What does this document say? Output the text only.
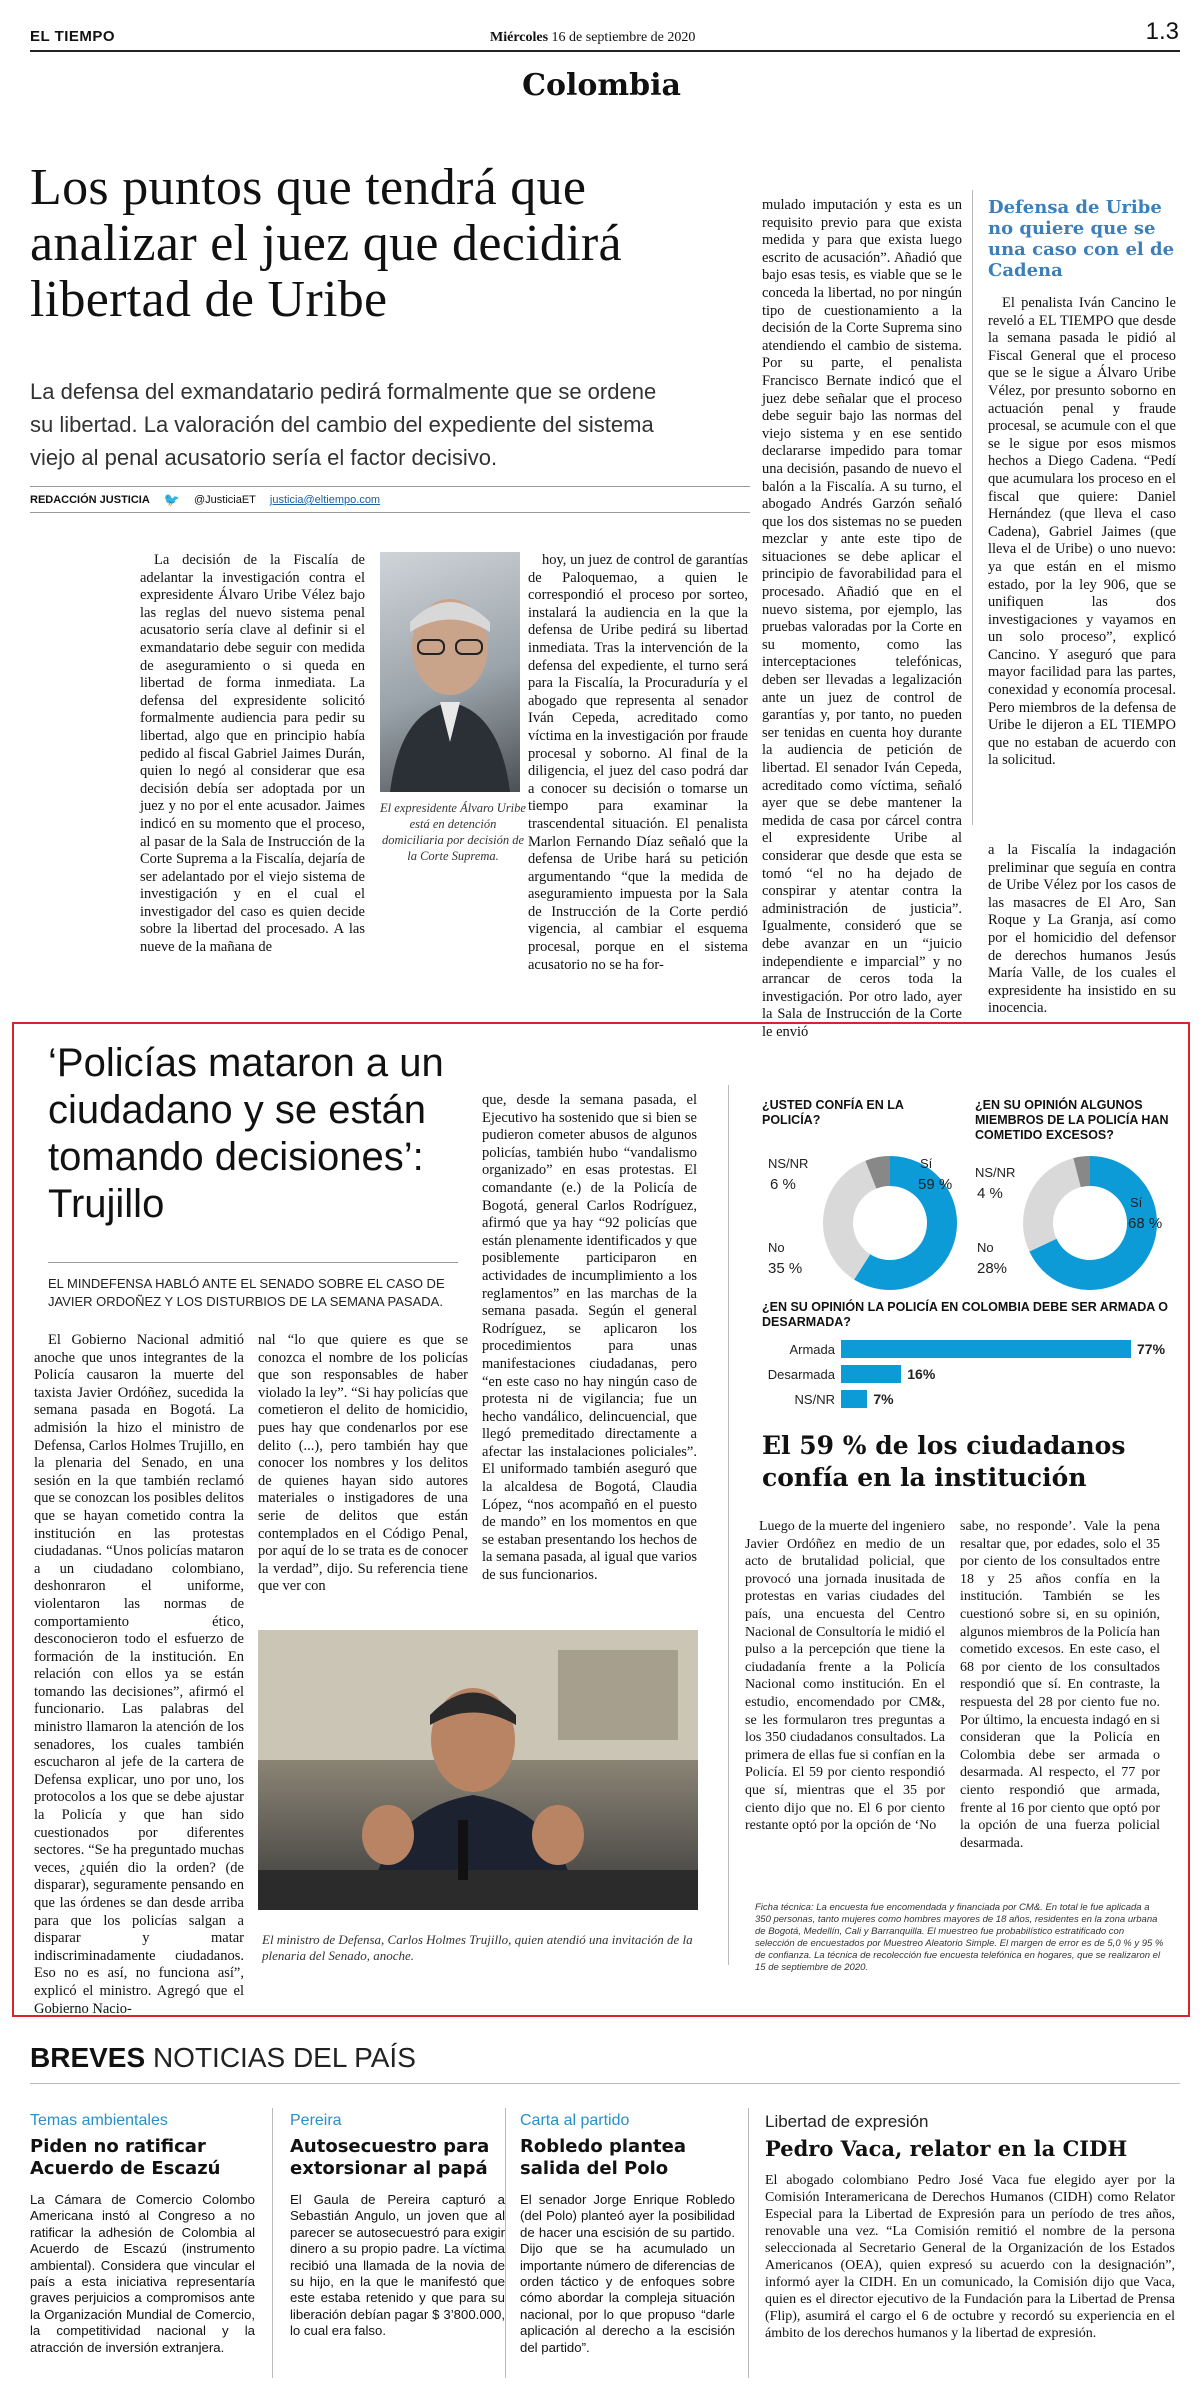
EL TIEMPO	Miércoles 16 de septiembre de 2020	1.3
Colombia
Los puntos que tendrá que analizar el juez que decidirá libertad de Uribe
La defensa del exmandatario pedirá formalmente que se ordene su libertad. La valoración del cambio del expediente del sistema viejo al penal acusatorio sería el factor decisivo.
REDACCIÓN JUSTICIA 🐦 @JusticiaET justicia@eltiempo.com

La decisión de la Fiscalía de adelantar la investigación contra el expresidente Álvaro Uribe Vélez bajo las reglas del nuevo sistema penal acusatorio sería clave al definir si el exmandatario debe seguir con medida de aseguramiento o si queda en libertad de forma inmediata. La defensa del expresidente solicitó formalmente audiencia para pedir su libertad, algo que en principio había pedido al fiscal Gabriel Jaimes Durán, quien lo negó al considerar que esa decisión debía ser adoptada por un juez y no por el ente acusador. Jaimes indicó en su momento que el proceso, al pasar de la Sala de Instrucción de la Corte Suprema a la Fiscalía, dejaría de ser adelantado por el viejo sistema de investigación y en el cual el investigador del caso es quien decide sobre la libertad del procesado. A las nueve de la mañana de

El expresidente Álvaro Uribe está en detención domiciliaria por decisión de la Corte Suprema.

hoy, un juez de control de garantías de Paloquemao, a quien le correspondió el proceso por sorteo, instalará la audiencia en la que la defensa de Uribe pedirá su libertad inmediata. Tras la intervención de la defensa del expediente, el turno será para la Fiscalía, la Procuraduría y el abogado que representa al senador Iván Cepeda, acreditado como víctima en la investigación por fraude procesal y soborno. Al final de la diligencia, el juez del caso podrá dar a conocer su decisión o tomarse un tiempo para examinar la trascendental situación. El penalista Marlon Fernando Díaz señaló que la defensa de Uribe hará su petición argumentando “que la medida de aseguramiento impuesta por la Sala de Instrucción de la Corte perdió vigencia, al cambiar el esquema procesal, porque en el sistema acusatorio no se ha for-

mulado imputación y esta es un requisito previo para que exista medida y para que exista luego escrito de acusación”. Añadió que bajo esas tesis, es viable que se le conceda la libertad, no por ningún tipo de cuestionamiento a la decisión de la Corte Suprema sino atendiendo el cambio de sistema. Por su parte, el penalista Francisco Bernate indicó que el juez debe señalar que el proceso debe seguir bajo las normas del viejo sistema y en ese sentido declararse impedido para tomar una decisión, pasando de nuevo el balón a la Fiscalía. A su turno, el abogado Andrés Garzón señaló que los dos sistemas no se pueden mezclar y ante este tipo de situaciones se debe aplicar el principio de favorabilidad para el procesado. Añadió que en el nuevo sistema, por ejemplo, las pruebas valoradas por la Corte en su momento, como las interceptaciones telefónicas, deben ser llevadas a legalización ante un juez de control de garantías y, por tanto, no pueden ser tenidas en cuenta hoy durante la audiencia de petición de libertad. El senador Iván Cepeda, acreditado como víctima, señaló ayer que se debe mantener la medida de casa por cárcel contra el expresidente Uribe al considerar que desde que esta se tomó “el no ha dejado de conspirar y atentar contra la administración de justicia”. Igualmente, consideró que se debe avanzar en un “juicio independiente e imparcial” y no arrancar de ceros toda la investigación. Por otro lado, ayer la Sala de Instrucción de la Corte le envió

Defensa de Uribe no quiere que se una caso con el de Cadena

El penalista Iván Cancino le reveló a EL TIEMPO que desde la semana pasada le pidió al Fiscal General que el proceso que se le sigue a Álvaro Uribe Vélez, por presunto soborno en actuación penal y fraude procesal, se acumule con el que se le sigue por esos mismos hechos a Diego Cadena. “Pedí que acumulara los proceso en el fiscal que quiere: Daniel Hernández (que lleva el caso Cadena), Gabriel Jaimes (que lleva el de Uribe) o uno nuevo: ya que están en el mismo estado, por la ley 906, que se unifiquen las dos investigaciones y vayamos en un solo proceso”, explicó Cancino. Y aseguró que para mayor facilidad para las partes, conexidad y economía procesal. Pero miembros de la defensa de Uribe le dijeron a EL TIEMPO que no estaban de acuerdo con la solicitud.

a la Fiscalía la indagación preliminar que seguía en contra de Uribe Vélez por los casos de las masacres de El Aro, San Roque y La Granja, así como por el homicidio del defensor de derechos humanos Jesús María Valle, de los cuales el expresidente ha insistido en su inocencia.

‘Policías mataron a un ciudadano y se están tomando decisiones’: Trujillo
EL MINDEFENSA HABLÓ ANTE EL SENADO SOBRE EL CASO DE JAVIER ORDOÑEZ Y LOS DISTURBIOS DE LA SEMANA PASADA.

El Gobierno Nacional admitió anoche que unos integrantes de la Policía causaron la muerte del taxista Javier Ordóñez, sucedida la semana pasada en Bogotá. La admisión la hizo el ministro de Defensa, Carlos Holmes Trujillo, en la plenaria del Senado, en una sesión en la que también reclamó que se conozcan los posibles delitos que se hayan cometido contra la institución en las protestas ciudadanas. “Unos policías mataron a un ciudadano colombiano, deshonraron el uniforme, violentaron las normas de comportamiento ético, desconocieron todo el esfuerzo de formación de la institución. En relación con ellos ya se están tomando las decisiones”, afirmó el funcionario. Las palabras del ministro llamaron la atención de los senadores, los cuales también escucharon al jefe de la cartera de Defensa explicar, uno por uno, los protocolos a los que se debe ajustar la Policía y que han sido cuestionados por diferentes sectores. “Se ha preguntado muchas veces, ¿quién dio la orden? (de disparar), seguramente pensando en que las órdenes se dan desde arriba para que los policías salgan a disparar y matar indiscriminadamente ciudadanos. Eso no es así, no funciona así”, explicó el ministro. Agregó que el Gobierno Nacio-

nal “lo que quiere es que se conozca el nombre de los policías que son responsables de haber violado la ley”. “Si hay policías que cometieron el delito de homicidio, pues hay que condenarlos por ese delito (...), pero también hay que conocer los nombres y los delitos de quienes hayan sido autores materiales o instigadores de una serie de delitos que están contemplados en el Código Penal, por aquí de lo se trata es de conocer la verdad”, dijo. Su referencia tiene que ver con

que, desde la semana pasada, el Ejecutivo ha sostenido que si bien se pudieron cometer abusos de algunos policías, también hubo “vandalismo organizado” en esas protestas. El comandante (e.) de la Policía de Bogotá, general Carlos Rodríguez, afirmó que ya hay “92 policías que están plenamente identificados y que posiblemente participaron en actividades de incumplimiento a los reglamentos” en las marchas de la semana pasada. Según el general Rodríguez, se aplicaron los procedimientos para unas manifestaciones ciudadanas, pero “en este caso no hay ningún caso de protesta ni de vigilancia; fue un hecho vandálico, delincuencial, que llegó premeditado directamente a afectar las instalaciones policiales”. El uniformado también aseguró que la alcaldesa de Bogotá, Claudia López, “nos acompañó en el puesto de mando” en los momentos en que se estaban presentando los hechos de la semana pasada, al igual que varios de sus funcionarios.

El ministro de Defensa, Carlos Holmes Trujillo, quien atendió una invitación de la plenaria del Senado, anoche.
¿USTED CONFÍA EN LA POLICÍA?
¿EN SU OPINIÓN ALGUNOS MIEMBROS DE LA POLICÍA HAN COMETIDO EXCESOS?
NS/NR
6 %
Sí
59 %
No
35 %
NS/NR
4 %
Sí
68 %
No
28%
¿EN SU OPINIÓN LA POLICÍA EN COLOMBIA DEBE SER ARMADA O DESARMADA?
Armada	77%
Desarmada	16%
NS/NR	7%
El 59 % de los ciudadanos confía en la institución

Luego de la muerte del ingeniero Javier Ordóñez en medio de un acto de brutalidad policial, que provocó una jornada inusitada de protestas en varias ciudades del país, una encuesta del Centro Nacional de Consultoría le midió el pulso a la percepción que tiene la ciudadanía frente a la Policía Nacional como institución. En el estudio, encomendado por CM&, se les formularon tres preguntas a los 350 ciudadanos consultados. La primera de ellas fue si confían en la Policía. El 59 por ciento respondió que sí, mientras que el 35 por ciento dijo que no. El 6 por ciento restante optó por la opción de ‘No

sabe, no responde’. Vale la pena resaltar que, por edades, solo el 35 por ciento de los consultados entre 18 y 25 años confía en la institución. También se les cuestionó sobre si, en su opinión, algunos miembros de la Policía han cometido excesos. En este caso, el 68 por ciento de los consultados respondió que sí. En contraste, la respuesta del 28 por ciento fue no. Por último, la encuesta indagó en si consideran que la Policía en Colombia debe ser armada o desarmada. Al respecto, el 77 por ciento respondió que armada, frente al 16 por ciento que optó por la opción de una fuerza policial desarmada.

Ficha técnica: La encuesta fue encomendada y financiada por CM&. En total le fue aplicada a 350 personas, tanto mujeres como hombres mayores de 18 años, residentes en la zona urbana de Bogotá, Medellín, Cali y Barranquilla. El muestreo fue probabilístico estratificado con selección de encuestados por Muestreo Aleatorio Simple. El margen de error es de 5,0 % y 95 % de confianza. La técnica de recolección fue encuesta telefónica en hogares, que se realizaron el 15 de septiembre de 2020.
BREVES NOTICIAS DEL PAÍS
Temas ambientales
Piden no ratificar Acuerdo de Escazú
La Cámara de Comercio Colombo Americana instó al Congreso a no ratificar la adhesión de Colombia al Acuerdo de Escazú (instrumento ambiental). Considera que vincular el país a esta iniciativa representaría graves perjuicios a compromisos ante la Organización Mundial de Comercio, la competitividad nacional y la atracción de inversión extranjera.
Pereira
Autosecuestro para extorsionar al papá
El Gaula de Pereira capturó a Sebastián Angulo, un joven que al parecer se autosecuestró para exigir dinero a su propio padre. La víctima recibió una llamada de la novia de su hijo, en la que le manifestó que este estaba retenido y que para su liberación debían pagar $ 3’800.000, lo cual era falso.
Carta al partido
Robledo plantea salida del Polo
El senador Jorge Enrique Robledo (del Polo) planteó ayer la posibilidad de hacer una escisión de su partido. Dijo que se ha acumulado un importante número de diferencias de orden táctico y de enfoques sobre cómo abordar la compleja situación nacional, por lo que propuso “darle aplicación al derecho a la escisión del partido”.
Libertad de expresión
Pedro Vaca, relator en la CIDH
El abogado colombiano Pedro José Vaca fue elegido ayer por la Comisión Interamericana de Derechos Humanos (CIDH) como Relator Especial para la Libertad de Expresión para un período de tres años, renovable una vez. “La Comisión remitió el nombre de la persona seleccionada al Secretario General de la Organización de los Estados Americanos (OEA), quien expresó su acuerdo con la designación”, informó ayer la CIDH. En un comunicado, la Comisión dijo que Vaca, quien es el director ejecutivo de la Fundación para la Libertad de Prensa (Flip), asumirá el cargo el 6 de octubre y recordó su experiencia en el ámbito de los derechos humanos y la libertad de expresión.
